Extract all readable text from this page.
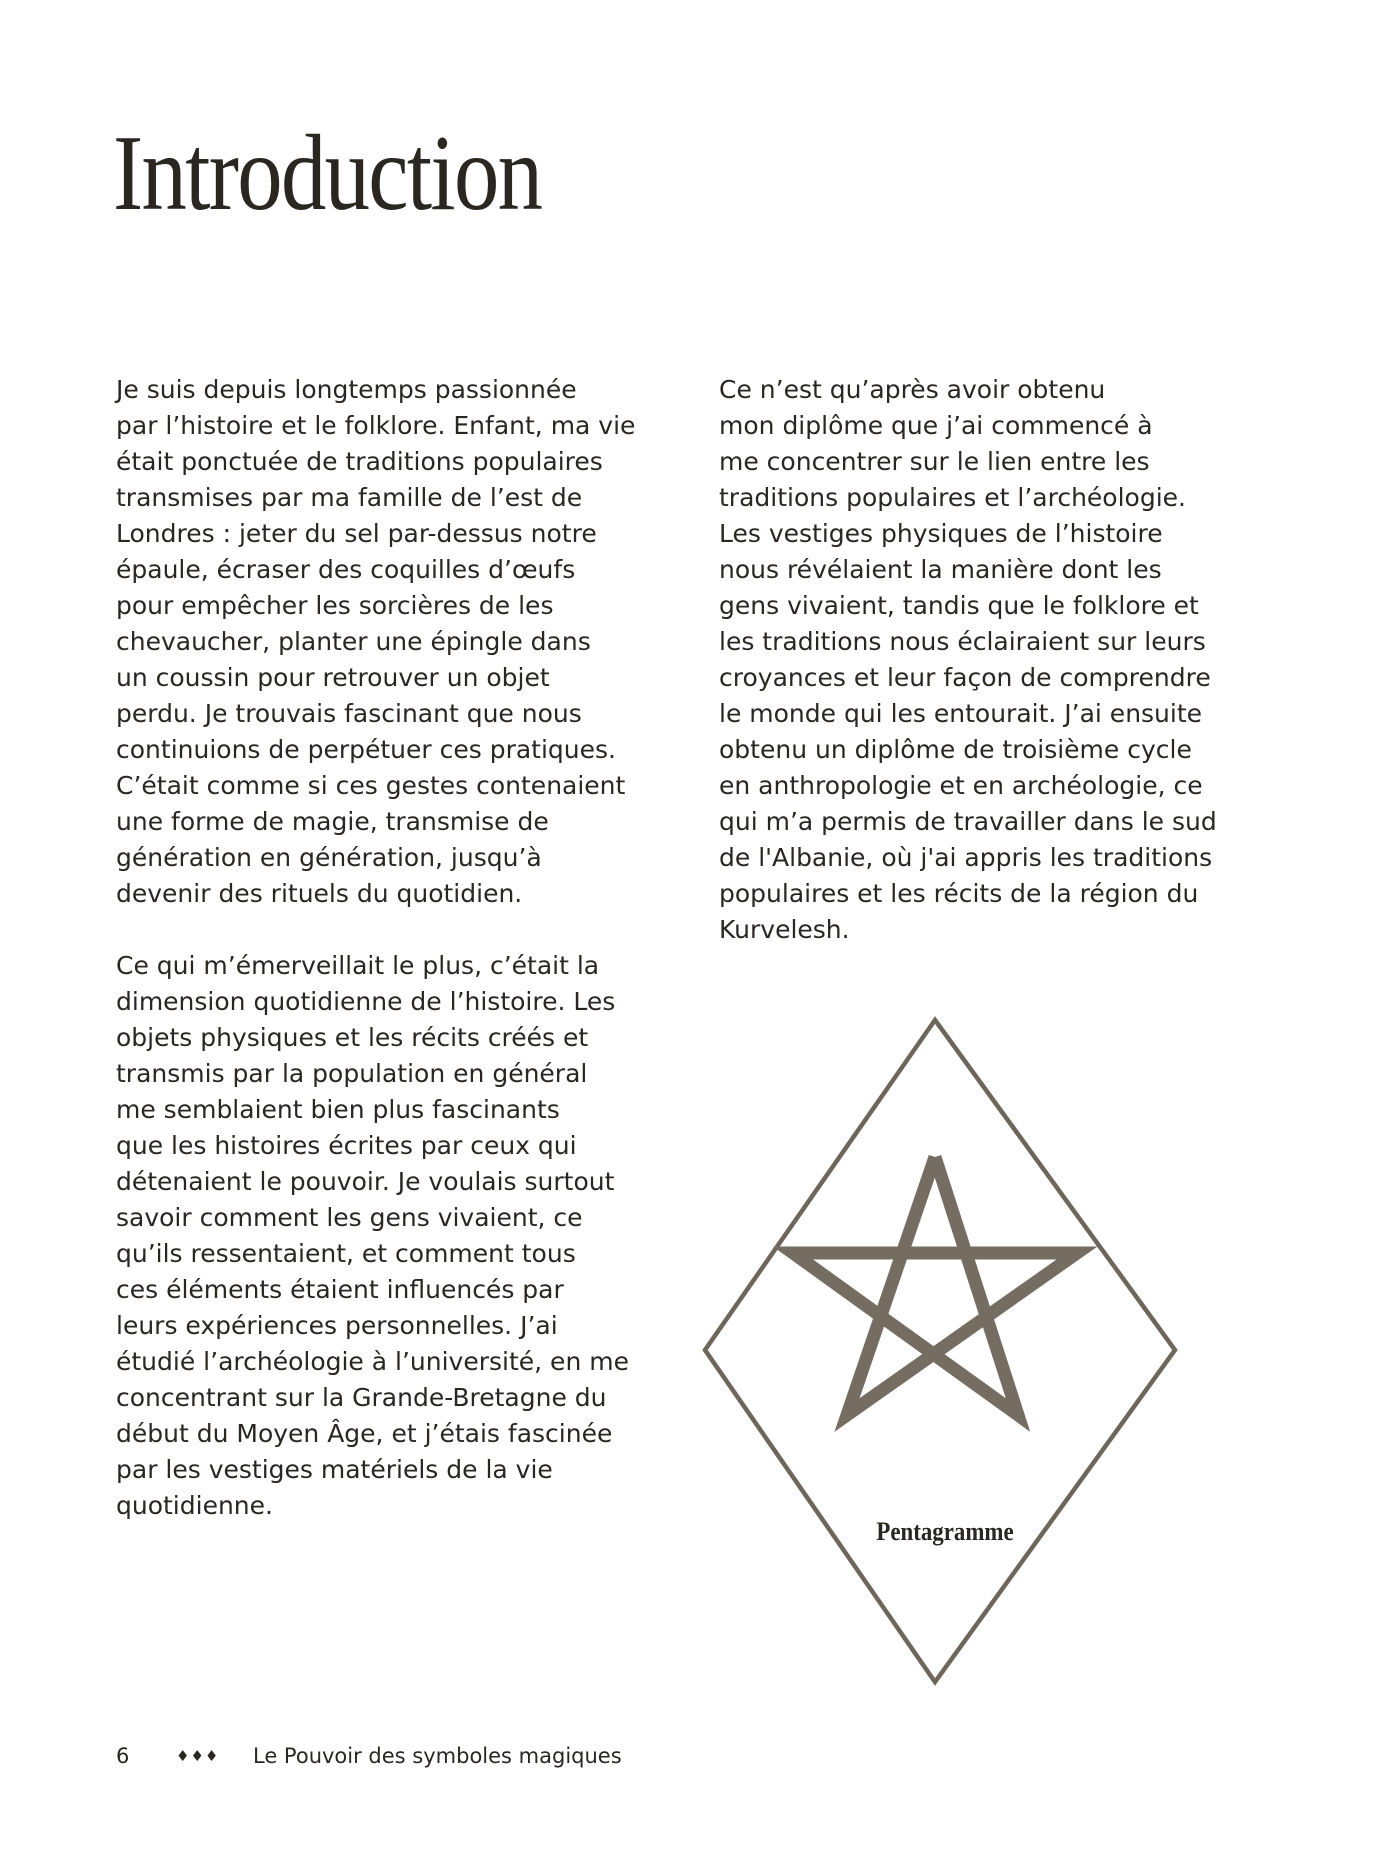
Introduction

Je suis depuis longtemps passionnée
par l’histoire et le folklore. Enfant, ma vie
était ponctuée de traditions populaires
transmises par ma famille de l’est de
Londres : jeter du sel par-dessus notre
épaule, écraser des coquilles d’œufs
pour empêcher les sorcières de les
chevaucher, planter une épingle dans
un coussin pour retrouver un objet
perdu. Je trouvais fascinant que nous
continuions de perpétuer ces pratiques.
C’était comme si ces gestes contenaient
une forme de magie, transmise de
génération en génération, jusqu’à
devenir des rituels du quotidien.

Ce qui m’émerveillait le plus, c’était la
dimension quotidienne de l’histoire. Les
objets physiques et les récits créés et
transmis par la population en général
me semblaient bien plus fascinants
que les histoires écrites par ceux qui
détenaient le pouvoir. Je voulais surtout
savoir comment les gens vivaient, ce
qu’ils ressentaient, et comment tous
ces éléments étaient influencés par
leurs expériences personnelles. J’ai
étudié l’archéologie à l’université, en me
concentrant sur la Grande-Bretagne du
début du Moyen Âge, et j’étais fascinée
par les vestiges matériels de la vie
quotidienne.

Ce n’est qu’après avoir obtenu
mon diplôme que j’ai commencé à
me concentrer sur le lien entre les
traditions populaires et l’archéologie.
Les vestiges physiques de l’histoire
nous révélaient la manière dont les
gens vivaient, tandis que le folklore et
les traditions nous éclairaient sur leurs
croyances et leur façon de comprendre
le monde qui les entourait. J’ai ensuite
obtenu un diplôme de troisième cycle
en anthropologie et en archéologie, ce
qui m’a permis de travailler dans le sud
de l'Albanie, où j'ai appris les traditions
populaires et les récits de la région du
Kurvelesh.

Pentagramme
6	♦♦♦ Le Pouvoir des symboles magiques
